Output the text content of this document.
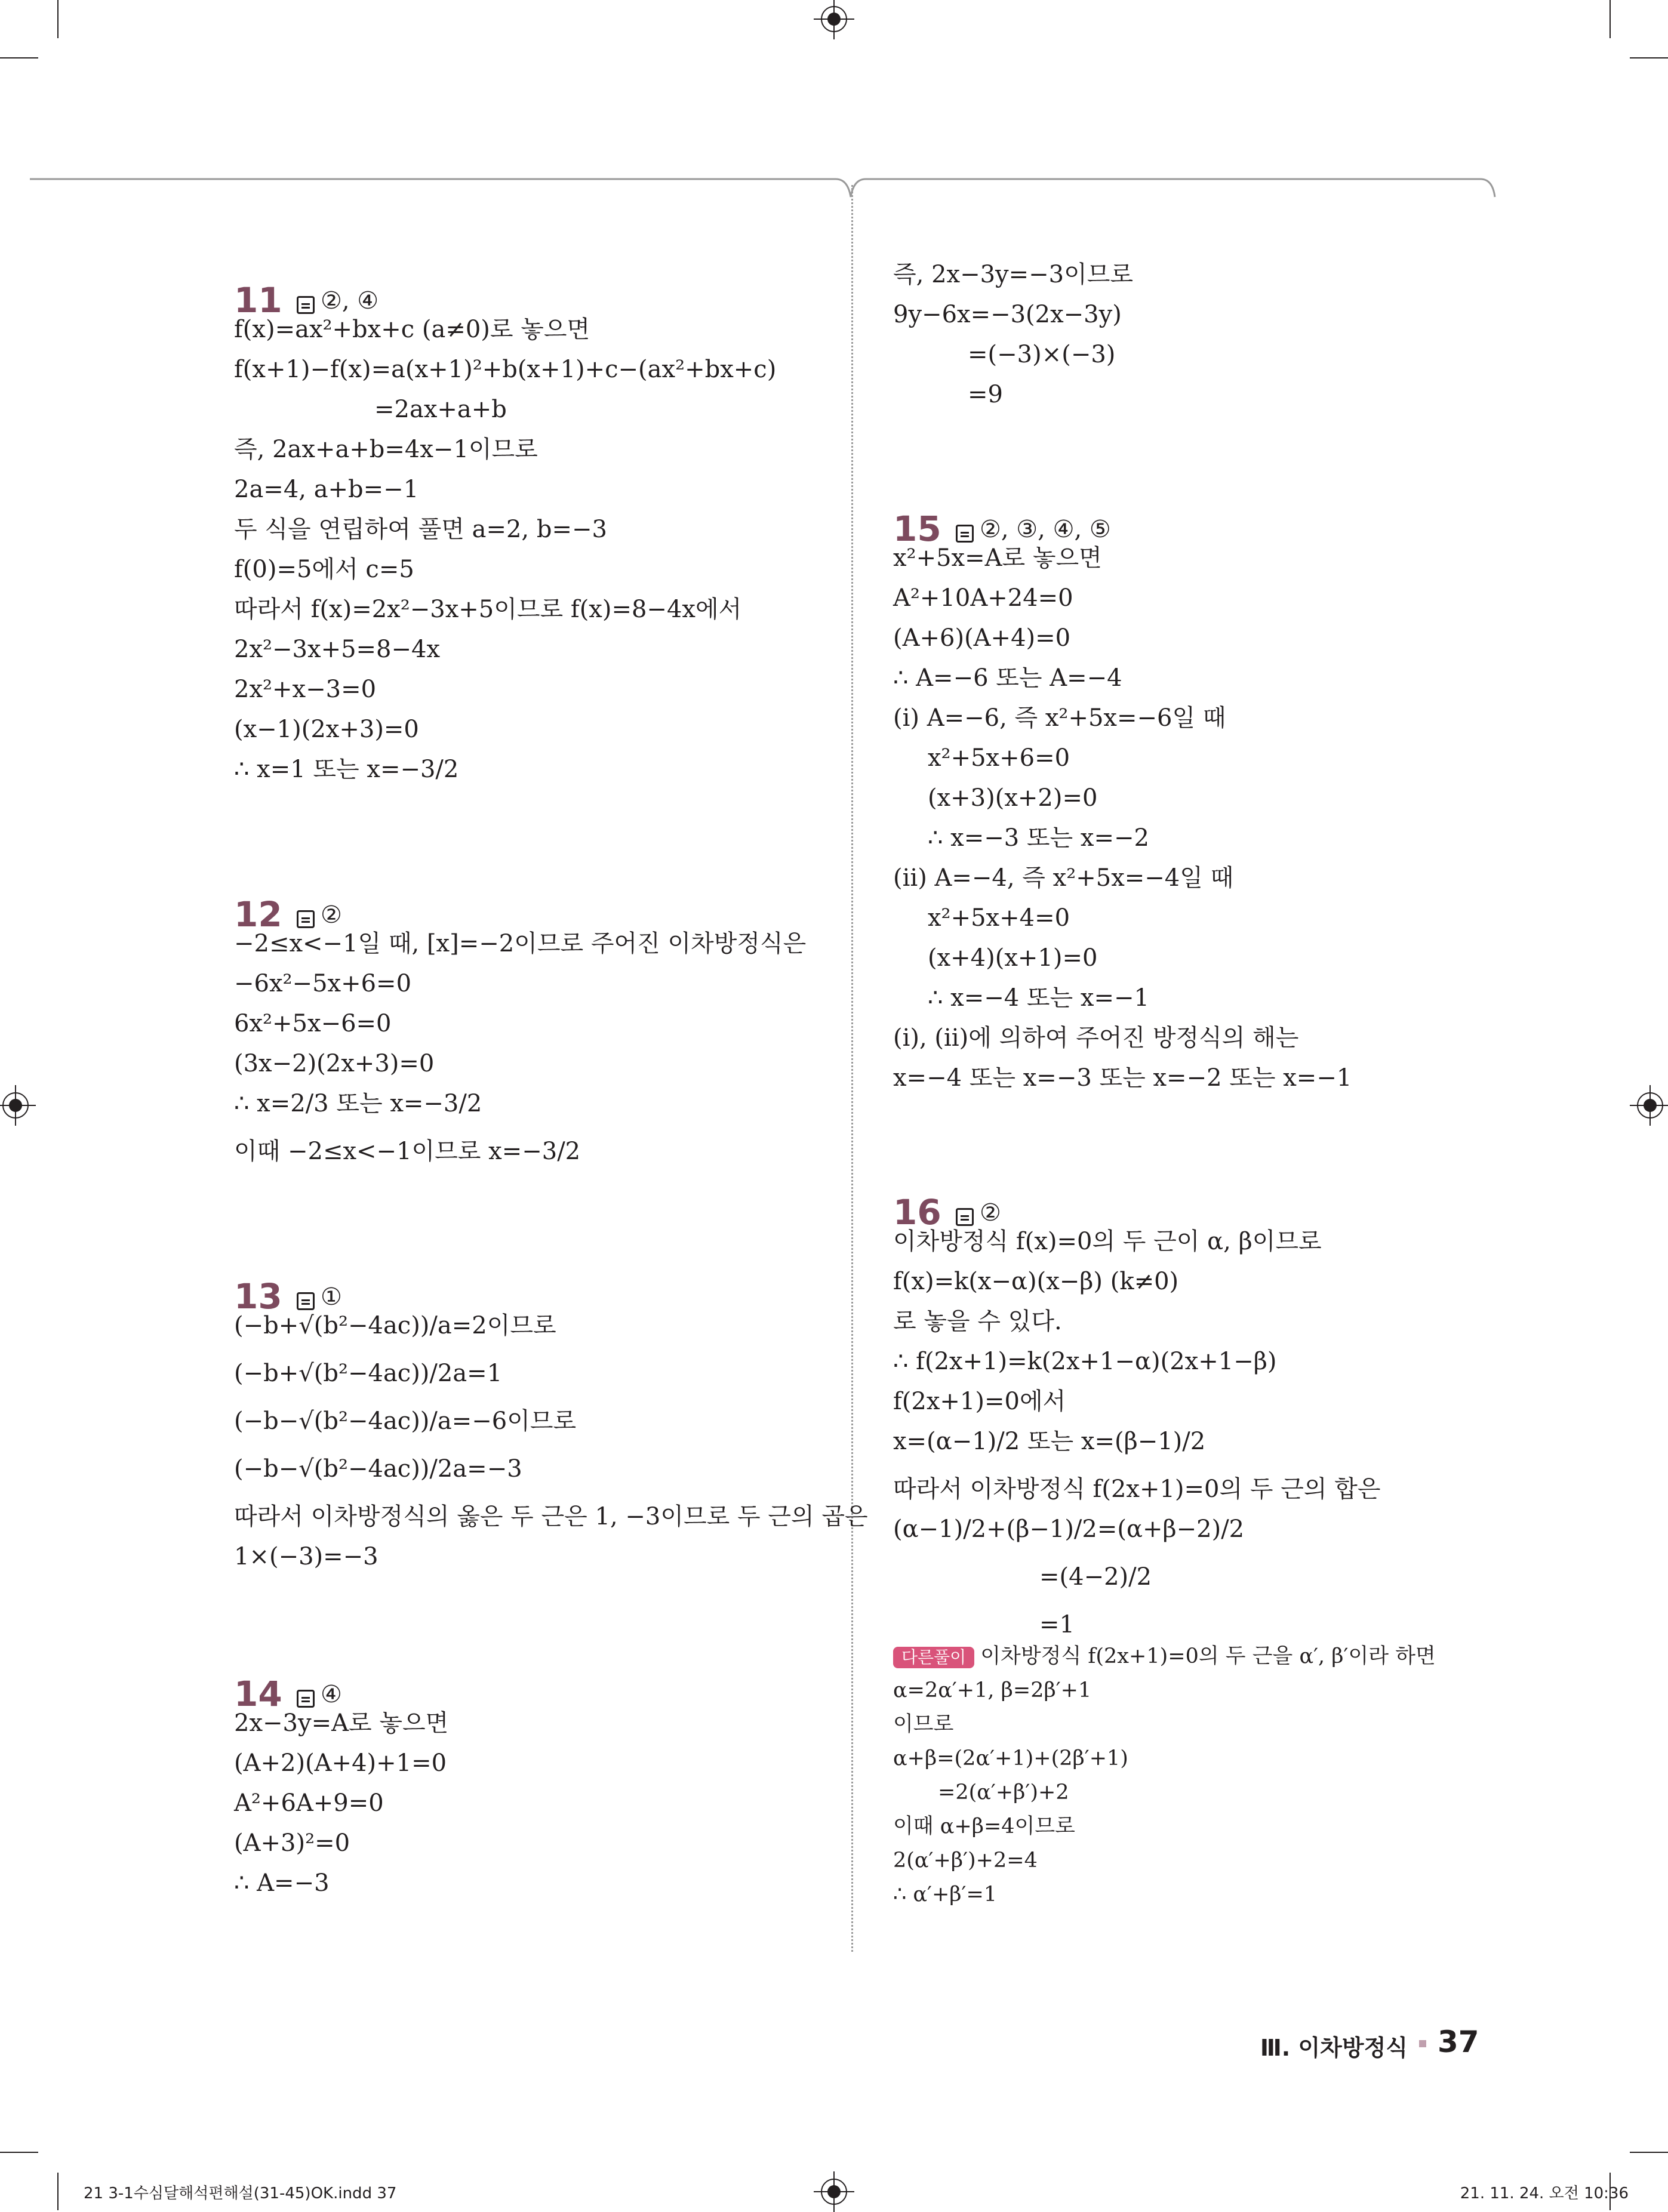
11	②, ④
f(x)=ax²+bx+c (a≠0)로 놓으면
f(x+1)−f(x)=a(x+1)²+b(x+1)+c−(ax²+bx+c)
=2ax+a+b
즉, 2ax+a+b=4x−1이므로
2a=4, a+b=−1
두 식을 연립하여 풀면 a=2, b=−3
f(0)=5에서 c=5
따라서 f(x)=2x²−3x+5이므로 f(x)=8−4x에서
2x²−3x+5=8−4x
2x²+x−3=0
(x−1)(2x+3)=0
∴ x=1 또는 x=−3/2
12	②
−2≤x<−1일 때, [x]=−2이므로 주어진 이차방정식은
−6x²−5x+6=0
6x²+5x−6=0
(3x−2)(2x+3)=0
∴ x=2/3 또는 x=−3/2
이때 −2≤x<−1이므로 x=−3/2
13	①
(−b+√(b²−4ac))/a=2이므로
(−b+√(b²−4ac))/2a=1
(−b−√(b²−4ac))/a=−6이므로
(−b−√(b²−4ac))/2a=−3
따라서 이차방정식의 옳은 두 근은 1, −3이므로 두 근의 곱은
1×(−3)=−3
14	④
2x−3y=A로 놓으면
(A+2)(A+4)+1=0
A²+6A+9=0
(A+3)²=0
∴ A=−3
즉, 2x−3y=−3이므로
9y−6x=−3(2x−3y)
=(−3)×(−3)
=9
15	②, ③, ④, ⑤
x²+5x=A로 놓으면
A²+10A+24=0
(A+6)(A+4)=0
∴ A=−6 또는 A=−4
(ⅰ) A=−6, 즉 x²+5x=−6일 때
x²+5x+6=0
(x+3)(x+2)=0
∴ x=−3 또는 x=−2
(ⅱ) A=−4, 즉 x²+5x=−4일 때
x²+5x+4=0
(x+4)(x+1)=0
∴ x=−4 또는 x=−1
(ⅰ), (ⅱ)에 의하여 주어진 방정식의 해는
x=−4 또는 x=−3 또는 x=−2 또는 x=−1
16	②
이차방정식 f(x)=0의 두 근이 α, β이므로
f(x)=k(x−α)(x−β) (k≠0)
로 놓을 수 있다.
∴ f(2x+1)=k(2x+1−α)(2x+1−β)
f(2x+1)=0에서
x=(α−1)/2 또는 x=(β−1)/2
따라서 이차방정식 f(2x+1)=0의 두 근의 합은
(α−1)/2+(β−1)/2=(α+β−2)/2
=(4−2)/2
=1
다른풀이 이차방정식 f(2x+1)=0의 두 근을 α′, β′이라 하면
α=2α′+1, β=2β′+1
이므로
α+β=(2α′+1)+(2β′+1)
=2(α′+β′)+2
이때 α+β=4이므로
2(α′+β′)+2=4
∴ α′+β′=1
Ⅲ. 이차방정식 37
21 3-1수심달해석편해설(31-45)OK.indd 37	21. 11. 24. 오전 10:36
